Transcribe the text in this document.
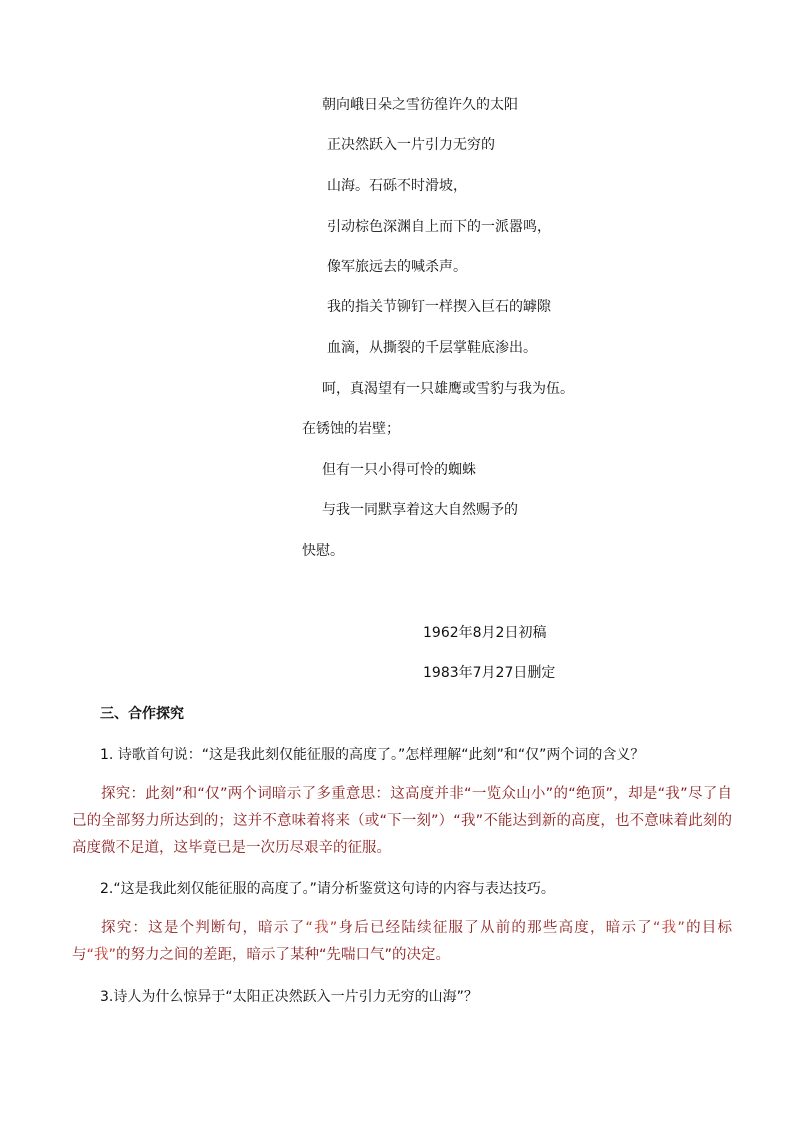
朝向峨日朵之雪彷徨许久的太阳
正决然跃入一片引力无穷的
山海。石砾不时滑坡，
引动棕色深渊自上而下的一派嚣鸣，
像军旅远去的喊杀声。
我的指关节铆钉一样揳入巨石的罅隙
血滴，从撕裂的千层掌鞋底渗出。
呵，真渴望有一只雄鹰或雪豹与我为伍。
在锈蚀的岩壁；
但有一只小得可怜的蜘蛛
与我一同默享着这大自然赐予的
快慰。
1962年8月2日初稿
1983年7月27日删定
三、合作探究
1. 诗歌首句说：“这是我此刻仅能征服的高度了。”怎样理解“此刻”和“仅”两个词的含义？
探究：此刻”和“仅”两个词暗示了多重意思：这高度并非“一览众山小”的“绝顶”，却是“我”尽了自己的全部努力所达到的；这并不意味着将来（或“下一刻”）“我”不能达到新的高度，也不意味着此刻的高度微不足道，这毕竟已是一次历尽艰辛的征服。
2.“这是我此刻仅能征服的高度了。”请分析鉴赏这句诗的内容与表达技巧。
探究：这是个判断句，暗示了“我”身后已经陆续征服了从前的那些高度，暗示了“我”的目标与“我”的努力之间的差距，暗示了某种“先喘口气”的决定。
3.诗人为什么惊异于“太阳正决然跃入一片引力无穷的山海”？
